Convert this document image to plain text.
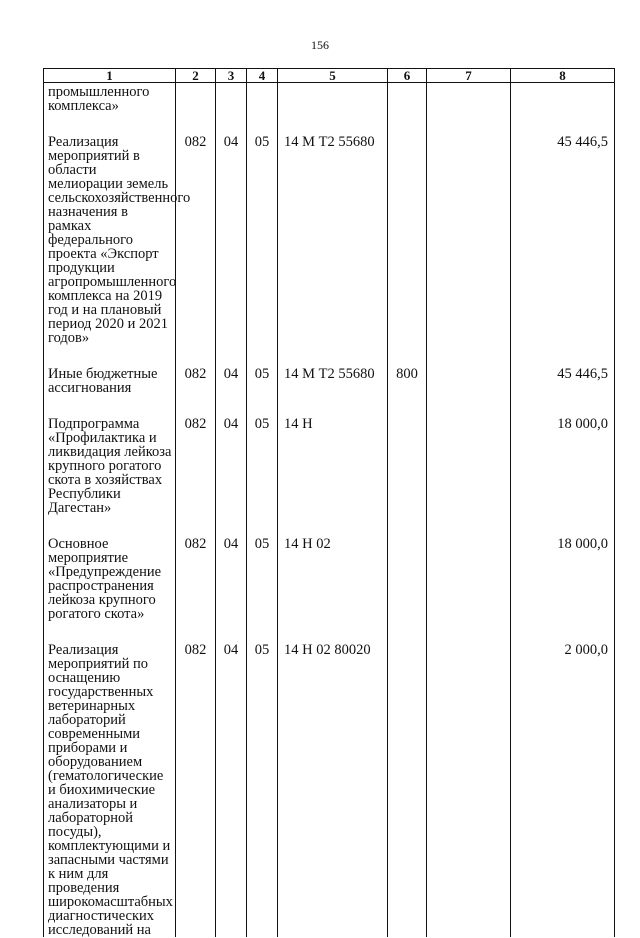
156
1	2	3	4	5	6	7	8
промышленного комплекса»							
Реализация мероприятий в области мелиорации земель сельскохозяйственного назначения в рамках федерального проекта «Экспорт продукции агропромышленного комплекса на 2019 год и на плановый период 2020 и 2021 годов»	082	04	05	14 М Т2 55680			45 446,5
Иные бюджетные ассигнования	082	04	05	14 М Т2 55680	800		45 446,5
Подпрограмма «Профилактика и ликвидация лейкоза крупного рогатого скота в хозяйствах Республики Дагестан»	082	04	05	14 Н			18 000,0
Основное мероприятие «Предупреждение распространения лейкоза крупного рогатого скота»	082	04	05	14 Н 02			18 000,0
Реализация мероприятий по оснащению государственных ветеринарных лабораторий современными приборами и оборудованием (гематологические и биохимические анализаторы и лабораторной посуды), комплектующими и запасными частями к ним для проведения широкомасштабных диагностических исследований на	082	04	05	14 Н 02 80020			2 000,0
